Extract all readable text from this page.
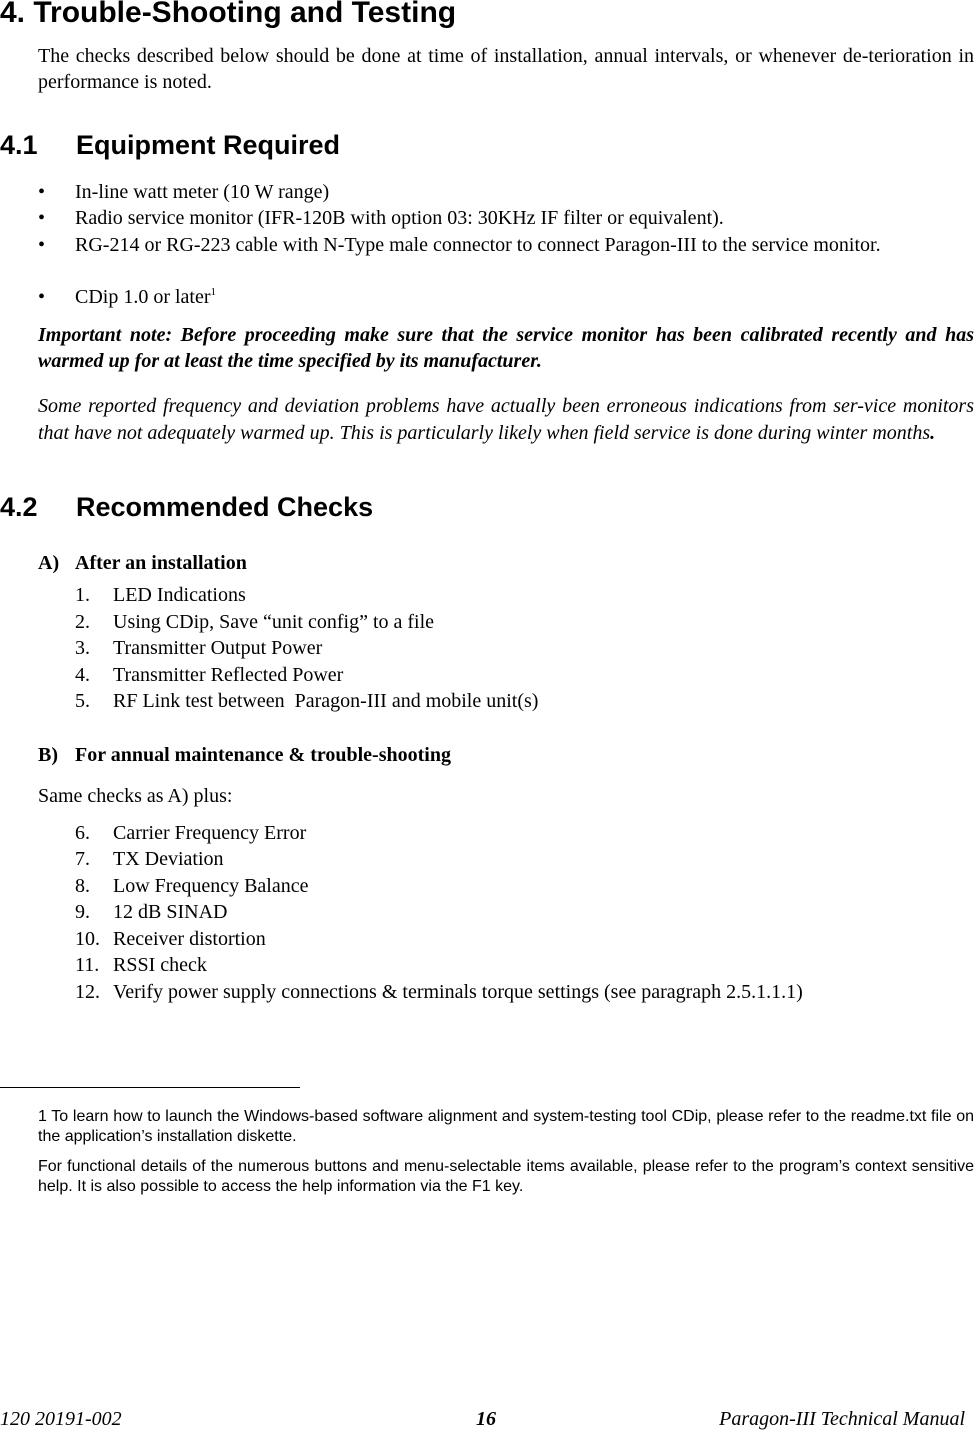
4. Trouble-Shooting and Testing
The checks described below should be done at time of installation, annual intervals, or whenever de-terioration in performance is noted.
4.1 Equipment Required
• In-line watt meter (10 W range)
• Radio service monitor (IFR-120B with option 03: 30KHz IF filter or equivalent).
• RG-214 or RG-223 cable with N-Type male connector to connect Paragon-III to the service monitor.
• CDip 1.0 or later$^1$
Important note: Before proceeding make sure that the service monitor has been calibrated recently and has warmed up for at least the time specified by its manufacturer.
Some reported frequency and deviation problems have actually been erroneous indications from ser-vice monitors that have not adequately warmed up. This is particularly likely when field service is done during winter months.
4.2 Recommended Checks
A) After an installation
1. LED Indications
2. Using CDip, Save “unit config” to a file
3. Transmitter Output Power
4. Transmitter Reflected Power
5. RF Link test between  Paragon-III and mobile unit(s)
B) For annual maintenance & trouble-shooting
Same checks as A) plus:
6. Carrier Frequency Error
7. TX Deviation
8. Low Frequency Balance
9. 12 dB SINAD
10. Receiver distortion
11. RSSI check
12. Verify power supply connections & terminals torque settings (see paragraph 2.5.1.1.1)
1 To learn how to launch the Windows-based software alignment and system-testing tool CDip, please refer to the readme.txt file on the application’s installation diskette.
For functional details of the numerous buttons and menu-selectable items available, please refer to the program’s context sensitive help. It is also possible to access the help information via the F1 key.
120 20191-002	16	Paragon-III Technical Manual
